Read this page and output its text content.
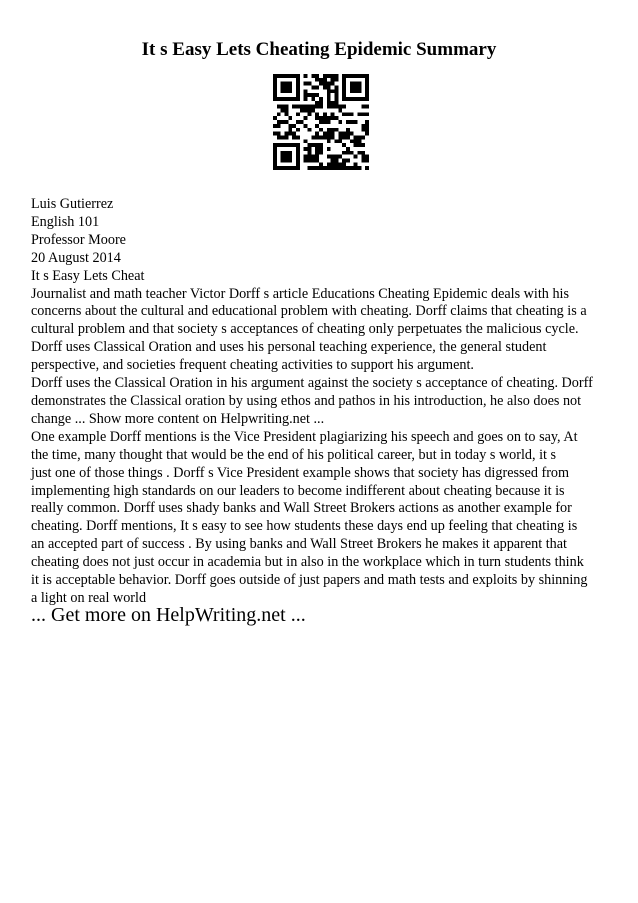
It s Easy Lets Cheating Epidemic Summary
Luis Gutierrez
English 101
Professor Moore
20 August 2014
It s Easy Lets Cheat
Journalist and math teacher Victor Dorff s article Educations Cheating Epidemic deals with his
concerns about the cultural and educational problem with cheating. Dorff claims that cheating is a
cultural problem and that society s acceptances of cheating only perpetuates the malicious cycle.
Dorff uses Classical Oration and uses his personal teaching experience, the general student
perspective, and societies frequent cheating activities to support his argument.
Dorff uses the Classical Oration in his argument against the society s acceptance of cheating. Dorff
demonstrates the Classical oration by using ethos and pathos in his introduction, he also does not
change ... Show more content on Helpwriting.net ...
One example Dorff mentions is the Vice President plagiarizing his speech and goes on to say, At
the time, many thought that would be the end of his political career, but in today s world, it s
just one of those things . Dorff s Vice President example shows that society has digressed from
implementing high standards on our leaders to become indifferent about cheating because it is
really common. Dorff uses shady banks and Wall Street Brokers actions as another example for
cheating. Dorff mentions, It s easy to see how students these days end up feeling that cheating is
an accepted part of success . By using banks and Wall Street Brokers he makes it apparent that
cheating does not just occur in academia but in also in the workplace which in turn students think
it is acceptable behavior. Dorff goes outside of just papers and math tests and exploits by shinning
a light on real world
... Get more on HelpWriting.net ...
